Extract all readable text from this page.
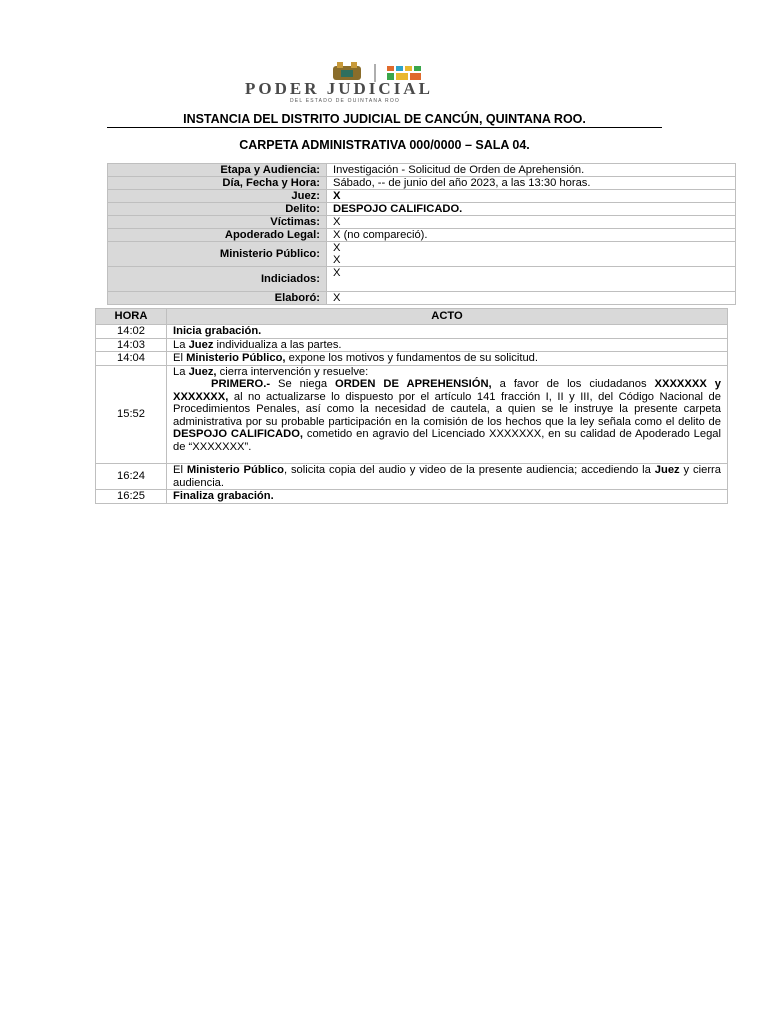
PODER JUDICIAL
DEL ESTADO DE QUINTANA ROO
INSTANCIA DEL DISTRITO JUDICIAL DE CANCÚN, QUINTANA ROO.
CARPETA ADMINISTRATIVA 000/0000 – SALA 04.
Etapa y Audiencia:	Investigación - Solicitud de Orden de Aprehensión.
Día, Fecha y Hora:	Sábado, -- de junio del año 2023, a las 13:30 horas.
Juez:	X
Delito:	DESPOJO CALIFICADO.
Víctimas:	X
Apoderado Legal:	X (no compareció).
Ministerio Público:	X
X

Indiciados:	X
Elaboró:	X
HORA	ACTO
14:02	Inicia grabación.
14:03	La Juez individualiza a las partes.
14:04	El Ministerio Público, expone los motivos y fundamentos de su solicitud.
15:52	La Juez, cierra intervención y resuelve:
PRIMERO.- Se niega ORDEN DE APREHENSIÓN, a favor de los ciudadanos XXXXXXX y XXXXXXX, al no actualizarse lo dispuesto por el artículo 141 fracción I, II y III, del Código Nacional de Procedimientos Penales, así como la necesidad de cautela, a quien se le instruye la presente carpeta administrativa por su probable participación en la comisión de los hechos que la ley señala como el delito de DESPOJO CALIFICADO, cometido en agravio del Licenciado XXXXXXX, en su calidad de Apoderado Legal de “XXXXXXX”.

16:24	El Ministerio Público, solicita copia del audio y video de la presente audiencia; accediendo la Juez y cierra audiencia.
16:25	Finaliza grabación.
